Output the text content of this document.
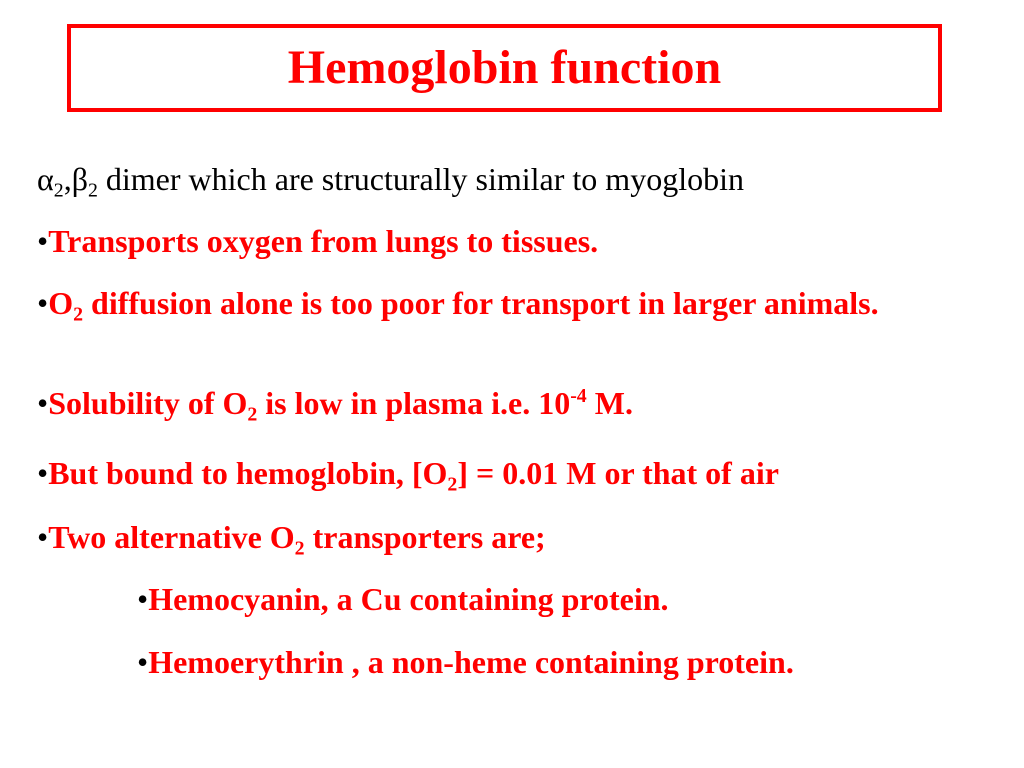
Hemoglobin function

$\alpha_2,\beta_2$ dimer which are structurally similar to myoglobin

•Transports oxygen from lungs to tissues.

$•O_2$ diffusion alone is too poor for transport in larger animals.

•Solubility of $O_2$ is low in plasma i.e. $10^{-4}$ M.

•But bound to hemoglobin, $[O_2] = 0.01$ M or that of air

•Two alternative $O_2$ transporters are;

•Hemocyanin, a Cu containing protein.

•Hemoerythrin , a non-heme containing protein.
